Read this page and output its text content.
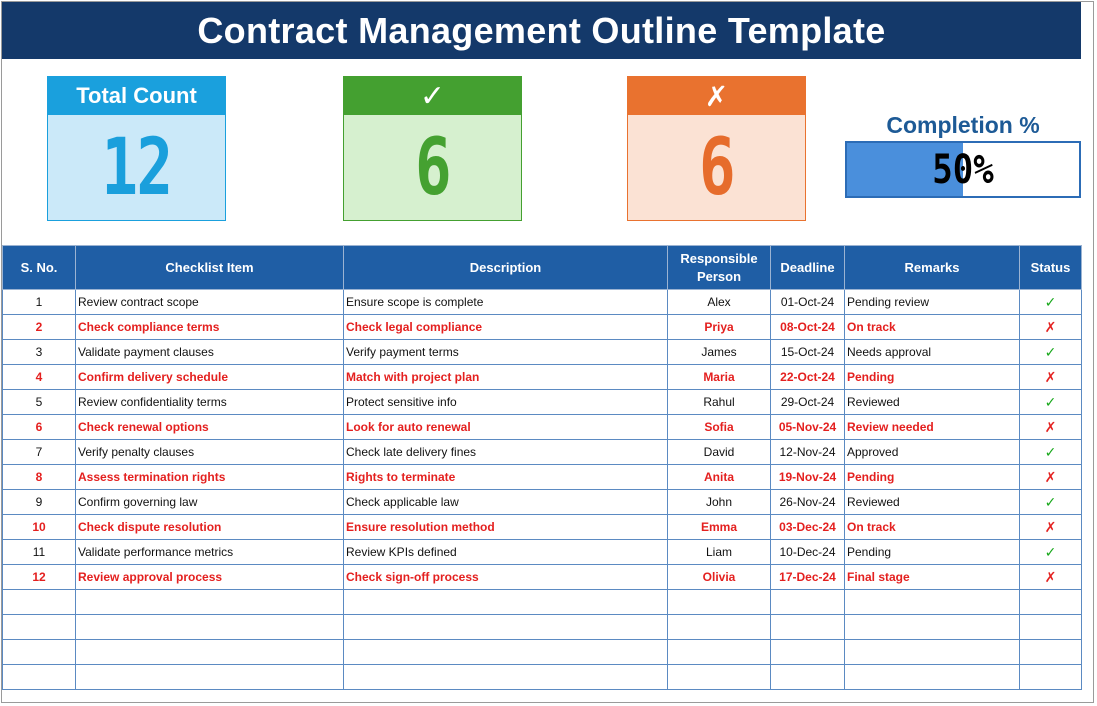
Contract Management Outline Template
Total Count
12
✓
6
✗
6	Completion %
50%
S. No.	Checklist Item	Description	Responsible Person	Deadline	Remarks	Status
1	Review contract scope	Ensure scope is complete	Alex	01-Oct-24	Pending review	✓
2	Check compliance terms	Check legal compliance	Priya	08-Oct-24	On track	✗
3	Validate payment clauses	Verify payment terms	James	15-Oct-24	Needs approval	✓
4	Confirm delivery schedule	Match with project plan	Maria	22-Oct-24	Pending	✗
5	Review confidentiality terms	Protect sensitive info	Rahul	29-Oct-24	Reviewed	✓
6	Check renewal options	Look for auto renewal	Sofia	05-Nov-24	Review needed	✗
7	Verify penalty clauses	Check late delivery fines	David	12-Nov-24	Approved	✓
8	Assess termination rights	Rights to terminate	Anita	19-Nov-24	Pending	✗
9	Confirm governing law	Check applicable law	John	26-Nov-24	Reviewed	✓
10	Check dispute resolution	Ensure resolution method	Emma	03-Dec-24	On track	✗
11	Validate performance metrics	Review KPIs defined	Liam	10-Dec-24	Pending	✓
12	Review approval process	Check sign-off process	Olivia	17-Dec-24	Final stage	✗
